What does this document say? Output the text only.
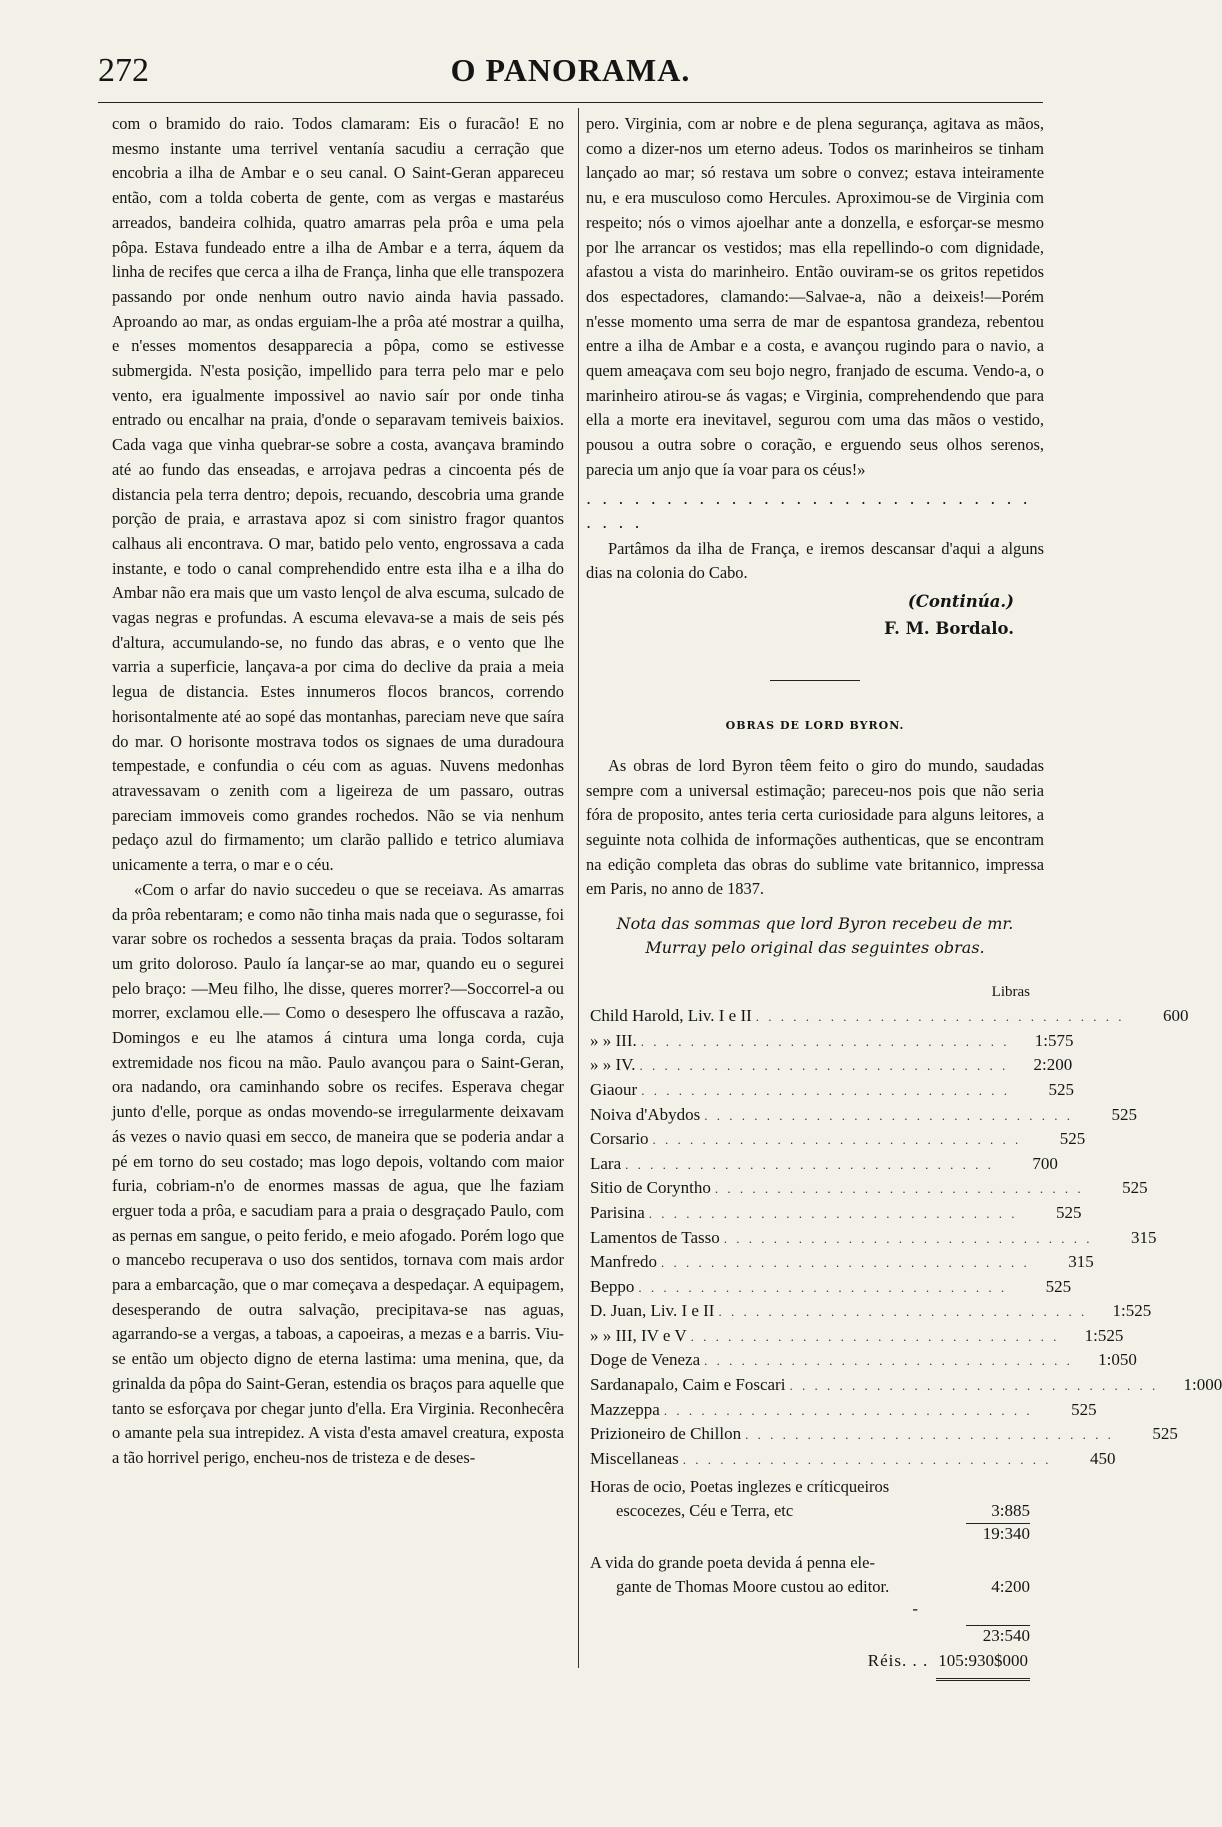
O PANORAMA.
272

com o bramido do raio. Todos clamaram: Eis o furacão! E no mesmo instante uma terrivel ventanía sacudiu a cerração que encobria a ilha de Ambar e o seu canal. O Saint-Geran appareceu então, com a tolda coberta de gente, com as vergas e mastaréus arreados, bandeira colhida, quatro amarras pela prôa e uma pela pôpa. Estava fundeado entre a ilha de Ambar e a terra, áquem da linha de recifes que cerca a ilha de França, linha que elle transpozera passando por onde nenhum outro navio ainda havia passado. Aproando ao mar, as ondas erguiam-lhe a prôa até mostrar a quilha, e n'esses momentos desapparecia a pôpa, como se estivesse submergida. N'esta posição, impellido para terra pelo mar e pelo vento, era igualmente impossivel ao navio saír por onde tinha entrado ou encalhar na praia, d'onde o separavam temiveis baixios. Cada vaga que vinha quebrar-se sobre a costa, avançava bramindo até ao fundo das enseadas, e arrojava pedras a cincoenta pés de distancia pela terra dentro; depois, recuando, descobria uma grande porção de praia, e arrastava apoz si com sinistro fragor quantos calhaus ali encontrava. O mar, batido pelo vento, engrossava a cada instante, e todo o canal comprehendido entre esta ilha e a ilha do Ambar não era mais que um vasto lençol de alva escuma, sulcado de vagas negras e profundas. A escuma elevava-se a mais de seis pés d'altura, accumulando-se, no fundo das abras, e o vento que lhe varria a superficie, lançava-a por cima do declive da praia a meia legua de distancia. Estes innumeros flocos brancos, correndo horisontalmente até ao sopé das montanhas, pareciam neve que saíra do mar. O horisonte mostrava todos os signaes de uma duradoura tempestade, e confundia o céu com as aguas. Nuvens medonhas atravessavam o zenith com a ligeireza de um passaro, outras pareciam immoveis como grandes rochedos. Não se via nenhum pedaço azul do firmamento; um clarão pallido e tetrico alumiava unicamente a terra, o mar e o céu.

«Com o arfar do navio succedeu o que se receiava. As amarras da prôa rebentaram; e como não tinha mais nada que o segurasse, foi varar sobre os rochedos a sessenta braças da praia. Todos soltaram um grito doloroso. Paulo ía lançar-se ao mar, quando eu o segurei pelo braço: —Meu filho, lhe disse, queres morrer?—Soccorrel-a ou morrer, exclamou elle.— Como o desespero lhe offuscava a razão, Domingos e eu lhe atamos á cintura uma longa corda, cuja extremidade nos ficou na mão. Paulo avançou para o Saint-Geran, ora nadando, ora caminhando sobre os recifes. Esperava chegar junto d'elle, porque as ondas movendo-se irregularmente deixavam ás vezes o navio quasi em secco, de maneira que se poderia andar a pé em torno do seu costado; mas logo depois, voltando com maior furia, cobriam-n'o de enormes massas de agua, que lhe faziam erguer toda a prôa, e sacudiam para a praia o desgraçado Paulo, com as pernas em sangue, o peito ferido, e meio afogado. Porém logo que o mancebo recuperava o uso dos sentidos, tornava com mais ardor para a embarcação, que o mar começava a despedaçar. A equipagem, desesperando de outra salvação, precipitava-se nas aguas, agarrando-se a vergas, a taboas, a capoeiras, a mezas e a barris. Viu-se então um objecto digno de eterna lastima: uma menina, que, da grinalda da pôpa do Saint-Geran, estendia os braços para aquelle que tanto se esforçava por chegar junto d'ella. Era Virginia. Reconhecêra o amante pela sua intrepidez. A vista d'esta amavel creatura, exposta a tão horrivel perigo, encheu-nos de tristeza e de deses-

pero. Virginia, com ar nobre e de plena segurança, agitava as mãos, como a dizer-nos um eterno adeus. Todos os marinheiros se tinham lançado ao mar; só restava um sobre o convez; estava inteiramente nu, e era musculoso como Hercules. Aproximou-se de Virginia com respeito; nós o vimos ajoelhar ante a donzella, e esforçar-se mesmo por lhe arrancar os vestidos; mas ella repellindo-o com dignidade, afastou a vista do marinheiro. Então ouviram-se os gritos repetidos dos espectadores, clamando:—Salvae-a, não a deixeis!—Porém n'esse momento uma serra de mar de espantosa grandeza, rebentou entre a ilha de Ambar e a costa, e avançou rugindo para o navio, a quem ameaçava com seu bojo negro, franjado de escuma. Vendo-a, o marinheiro atirou-se ás vagas; e Virginia, comprehendendo que para ella a morte era inevitavel, segurou com uma das mãos o vestido, pousou a outra sobre o coração, e erguendo seus olhos serenos, parecia um anjo que ía voar para os céus!»

. . . . . . . . . . . . . . . . . . . . . . . . . . . . . . . .

Partâmos da ilha de França, e iremos descansar d'aqui a alguns dias na colonia do Cabo.

(Continúa.)
F. M. Bordalo.
OBRAS DE LORD BYRON.

As obras de lord Byron têem feito o giro do mundo, saudadas sempre com a universal estimação; pareceu-nos pois que não seria fóra de proposito, antes teria certa curiosidade para alguns leitores, a seguinte nota colhida de informações authenticas, que se encontram na edição completa das obras do sublime vate britannico, impressa em Paris, no anno de 1837.

Nota das sommas que lord Byron recebeu de mr. Murray pelo original das seguintes obras.
Libras
Child Harold, Liv. I e II . . . . . . . . . . . . . . . . . . . . . . . . . . . . . .	600
» » III. . . . . . . . . . . . . . . . . . . . . . . . . . . . . . .	1:575
» » IV. . . . . . . . . . . . . . . . . . . . . . . . . . . . . . .	2:200
Giaour . . . . . . . . . . . . . . . . . . . . . . . . . . . . . .	525
Noiva d'Abydos . . . . . . . . . . . . . . . . . . . . . . . . . . . . . .	525
Corsario . . . . . . . . . . . . . . . . . . . . . . . . . . . . . .	525
Lara . . . . . . . . . . . . . . . . . . . . . . . . . . . . . .	700
Sitio de Corynthо . . . . . . . . . . . . . . . . . . . . . . . . . . . . . .	525
Parisina . . . . . . . . . . . . . . . . . . . . . . . . . . . . . .	525
Lamentos de Tasso . . . . . . . . . . . . . . . . . . . . . . . . . . . . . .	315
Manfredo . . . . . . . . . . . . . . . . . . . . . . . . . . . . . .	315
Beppo . . . . . . . . . . . . . . . . . . . . . . . . . . . . . .	525
D. Juan, Liv. I e II . . . . . . . . . . . . . . . . . . . . . . . . . . . . . .	1:525
» » III, IV e V . . . . . . . . . . . . . . . . . . . . . . . . . . . . . .	1:525
Doge de Veneza . . . . . . . . . . . . . . . . . . . . . . . . . . . . . .	1:050
Sardanapalo, Caim e Foscari . . . . . . . . . . . . . . . . . . . . . . . . . . . . . .	1:000
Mazzeppa . . . . . . . . . . . . . . . . . . . . . . . . . . . . . .	525
Prizioneiro de Chillon . . . . . . . . . . . . . . . . . . . . . . . . . . . . . .	525
Miscellaneas . . . . . . . . . . . . . . . . . . . . . . . . . . . . . .	450
Horas de ocio, Poetas inglezes e críticqueiros
escocezes, Céu e Terra, etc	3:885
19:340
A vida do grande poeta devida á penna ele-
gante de Thomas Moore custou ao editor.	4:200
-
23:540
Réis. . . 105:930$000
